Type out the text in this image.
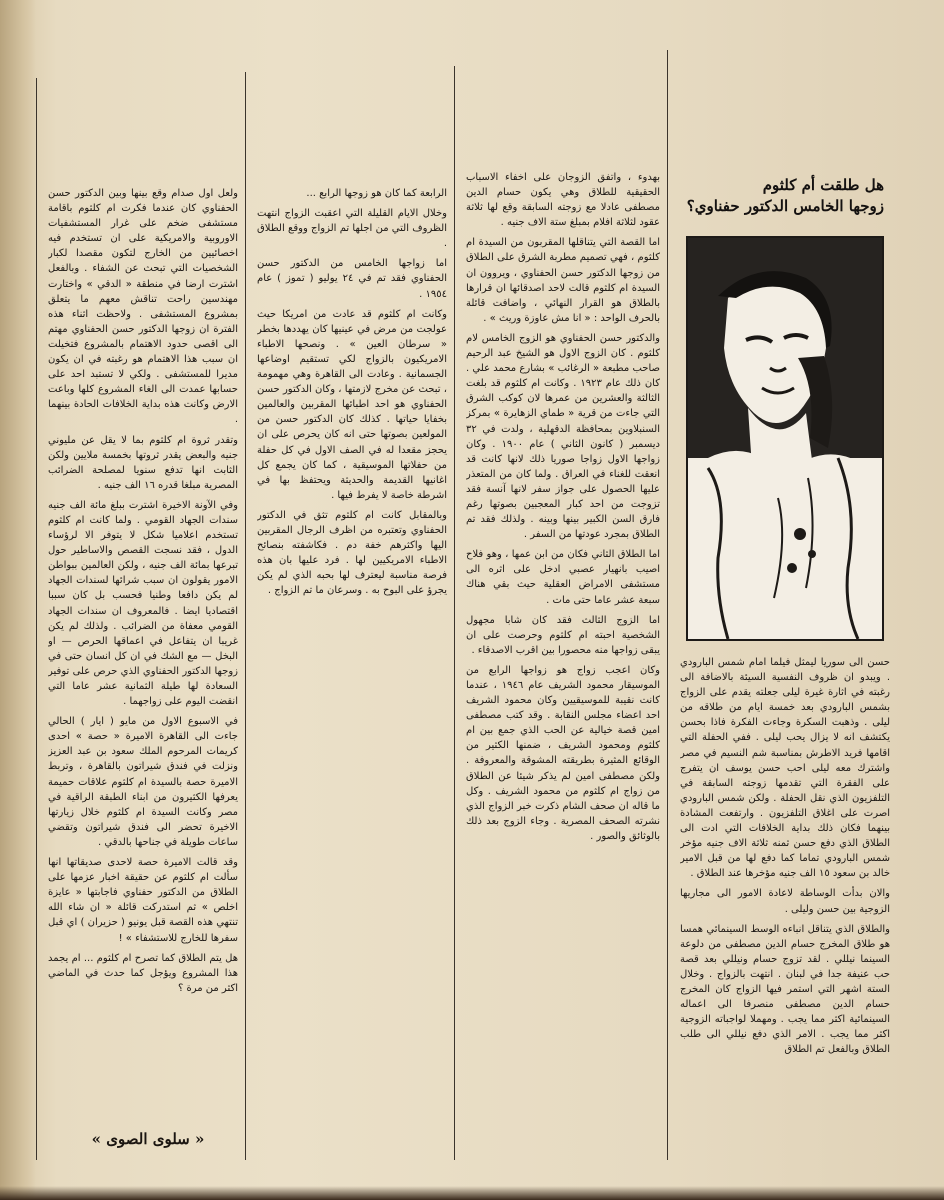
حسن الى سوريا ليمثل فيلما امام شمس البارودي . ويبدو ان ظروف النفسية السيئة بالاضافة الى رغبته في اثارة غيرة ليلى جعلته يقدم على الزواج بشمس البارودي بعد خمسة ايام من طلاقه من ليلى . وذهبت السكرة وجاءت الفكرة فاذا بحسن يكتشف انه لا يزال يحب ليلى . ففي الحفلة التي اقامها فريد الاطرش بمناسبة شم النسيم في مصر واشترك معه ليلى احب حسن يوسف ان يتفرج على الفقرة التي تقدمها زوجته السابقة في التلفزيون الذي نقل الحفلة . ولكن شمس البارودي اصرت على اغلاق التلفزيون . وارتفعت المشادة بينهما فكان ذلك بداية الخلافات التي ادت الى الطلاق الذي دفع حسن ثمنه ثلاثة الاف جنيه مؤخر شمس البارودي تماما كما دفع لها من قبل الامير خالد بن سعود ١٥ الف جنيه مؤخرها عند الطلاق .

والان بدأت الوساطة لاعادة الامور الى مجاريها الزوجية بين حسن وليلى .

والطلاق الذي يتناقل انباءه الوسط السينمائي همسا هو طلاق المخرج حسام الدين مصطفى من دلوعة السينما نيللي . لقد تزوج حسام ونيللي بعد قصة حب عنيفة جدا في لبنان . انتهت بالزواج . وخلال الستة اشهر التي استمر فيها الزواج كان المخرج حسام الدين مصطفى منصرفا الى اعماله السينمائية اكثر مما يجب . ومهملا لواجباته الزوجية اكثر مما يجب . الامر الذي دفع نيللي الى طلب الطلاق وبالفعل تم الطلاق

بهدوء ، واتفق الزوجان على اخفاء الاسباب الحقيقية للطلاق وهي يكون حسام الدين مصطفى عادلا مع زوجته السابقة وقع لها ثلاثة عقود لثلاثة افلام بمبلغ ستة الاف جنيه .

اما القصة التي يتناقلها المقربون من السيدة ام كلثوم ، فهي تصميم مطربة الشرق على الطلاق من زوجها الدكتور حسن الحفناوي ، ويروون ان السيدة ام كلثوم قالت لاحد اصدقائها ان قرارها بالطلاق هو القرار النهائي ، واضافت قائلة بالحرف الواحد : « انا مش عاوزة وريث » .

والدكتور حسن الحفناوي هو الزوج الخامس لام كلثوم . كان الزوج الاول هو الشيخ عبد الرحيم صاحب مطبعة « الرغائب » بشارع محمد علي . كان ذلك عام ١٩٢٣ . وكانت ام كلثوم قد بلغت الثالثة والعشرين من عمرها لان كوكب الشرق التي جاءت من قرية « طماي الزهايرة » بمركز السنبلاوين بمحافظة الدقهلية ، ولدت في ٣٢ ديسمبر ( كانون الثاني ) عام ١٩٠٠ . وكان زواجها الاول زواجا صوريا ذلك لانها كانت قد انعقت للغناء في العراق . ولما كان من المتعذر عليها الحصول على جواز سفر لانها آنسة فقد تزوجت من احد كبار المعجبين بصوتها رغم فارق السن الكبير بينها وبينه . ولذلك فقد تم الطلاق بمجرد عودتها من السفر .

اما الطلاق الثاني فكان من ابن عمها ، وهو فلاح اصيب بانهيار عصبي ادخل على اثره الى مستشفى الامراض العقلية حيث بقي هناك سبعة عشر عاما حتى مات .

اما الزوج الثالث فقد كان شابا مجهول الشخصية احبته ام كلثوم وحرصت على ان يبقى زواجها منه محصورا بين اقرب الاصدقاء .

وكان اعجب زواج هو زواجها الرابع من الموسيقار محمود الشريف عام ١٩٤٦ ، عندما كانت نقيبة للموسيقيين وكان محمود الشريف احد اعضاء مجلس النقابة . وقد كتب مصطفى امين قصة خيالية عن الحب الذي جمع بين ام كلثوم ومحمود الشريف ، ضمنها الكثير من الوقائع المثيرة بطريقته المشوقة والمعروفة . ولكن مصطفى امين لم يذكر شيئا عن الطلاق من زواج ام كلثوم من محمود الشريف . وكل ما قاله ان صحف الشام ذكرت خبر الزواج الذي نشرته الصحف المصرية . وجاء الزوج بعد ذلك بالوثائق والصور .

الرابعة كما كان هو زوجها الرابع ...

وخلال الايام القليلة التي اعقبت الزواج انتهت الظروف التي من اجلها تم الزواج ووقع الطلاق .

اما زواجها الخامس من الدكتور حسن الحفناوي فقد تم في ٢٤ يوليو ( تموز ) عام ١٩٥٤ .

وكانت ام كلثوم قد عادت من امريكا حيث عولجت من مرض في عينيها كان يهددها بخطر « سرطان العين » . ونصحها الاطباء الامريكيون بالزواج لكي تستقيم اوضاعها الجسمانية . وعادت الى القاهرة وهي مهمومة ، تبحث عن مخرج لازمتها ، وكان الدكتور حسن الحفناوي هو احد اطبائها المقربين والعالمين بخفايا حياتها . كذلك كان الدكتور حسن من المولعين بصوتها حتى انه كان يحرص على ان يحجز مقعدا له في الصف الاول في كل حفلة من حفلاتها الموسيقية ، كما كان يجمع كل اغانيها القديمة والحديثة ويحتفظ بها في اشرطة خاصة لا يفرط فيها .

وبالمقابل كانت ام كلثوم تثق في الدكتور الحفناوي وتعتبره من اظرف الرجال المقربين اليها واكثرهم خفة دم . فكاشفته بنصائح الاطباء الامريكيين لها . فرد عليها بان هذه فرصة مناسبة ليعترف لها بحبه الذي لم يكن يجرؤ على البوح به . وسرعان ما تم الزواج .

ولعل اول صدام وقع بينها وبين الدكتور حسن الحفناوي كان عندما فكرت ام كلثوم باقامة مستشفى ضخم على غرار المستشفيات الاوروبية والامريكية على ان تستخدم فيه اخصائيين من الخارج لتكون مقصدا لكبار الشخصيات التي تبحث عن الشفاء . وبالفعل اشترت ارضا في منطقة « الدقي » واختارت مهندسين راحت تناقش معهم ما يتعلق بمشروع المستشفى . ولاحظت اثناء هذه الفترة ان زوجها الدكتور حسن الحفناوي مهتم الى اقصى حدود الاهتمام بالمشروع فتخيلت ان سبب هذا الاهتمام هو رغبته في ان يكون مديرا للمستشفى . ولكي لا تستبد احد على حسابها عمدت الى الغاء المشروع كلها وباعت الارض وكانت هذه بداية الخلافات الحادة بينهما .

وتقدر ثروة ام كلثوم بما لا يقل عن مليوني جنيه والبعض يقدر ثروتها بخمسة ملايين ولكن الثابت انها تدفع سنويا لمصلحة الضرائب المصرية مبلغا قدره ١٦ الف جنيه .

وفي الآونة الاخيرة اشترت ببلغ مائة الف جنيه سندات الجهاد القومي . ولما كانت ام كلثوم تستخدم اعلاميا شكل لا يتوفر الا لرؤساء الدول ، فقد نسجت القصص والاساطير حول تبرعها بمائة الف جنيه ، ولكن العالمين ببواطن الامور يقولون ان سبب شرائها لسندات الجهاد لم يكن دافعا وطنيا فحسب بل كان سببا اقتصاديا ايضا . فالمعروف ان سندات الجهاد القومي معفاة من الضرائب . ولذلك لم يكن غريبا ان يتفاعل في اعماقها الحرص — او البخل — مع الشك في ان كل انسان حتى في زوجها الدكتور الحفناوي الذي حرص على توفير السعادة لها طيلة الثمانية عشر عاما التي انقضت اليوم على زواجهما .

في الاسبوع الاول من مايو ( ايار ) الحالي جاءت الى القاهرة الاميرة « حصة » احدى كريمات المرحوم الملك سعود بن عبد العزيز ونزلت في فندق شيراتون بالقاهرة ، وتربط الاميرة حصة بالسيدة ام كلثوم علاقات حميمة يعرفها الكثيرون من ابناء الطبقة الراقية في مصر وكانت السيدة ام كلثوم خلال زيارتها الاخيرة تحضر الى فندق شيراتون وتقضي ساعات طويلة في جناحها بالدقي .

وقد قالت الاميرة حصة لاحدى صديقاتها انها سألت ام كلثوم عن حقيقة اخبار عزمها على الطلاق من الدكتور حفناوي فاجابتها « عايزة اخلص » ثم استدركت قائلة « ان شاء الله تنتهي هذه القصة قبل يونيو ( حزيران ) اي قبل سفرها للخارج للاستشفاء » !

هل يتم الطلاق كما تصرح ام كلثوم ... ام يجمد هذا المشروع ويؤجل كما حدث في الماضي اكثر من مرة ؟

هل طلقت أم كلثوم
زوجها الخامس الدكتور حفناوي؟
« سلوى الصوى »
